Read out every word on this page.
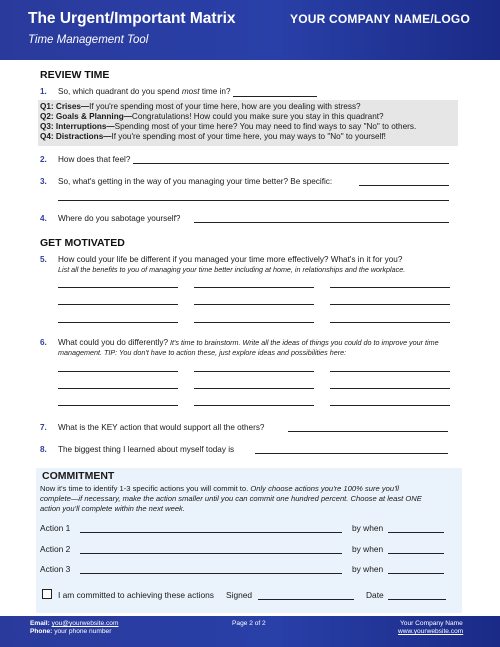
The Urgent/Important Matrix
Time Management Tool
YOUR COMPANY NAME/LOGO
REVIEW TIME
1. So, which quadrant do you spend most time in?
Q1: Crises—If you're spending most of your time here, how are you dealing with stress?
Q2: Goals & Planning—Congratulations! How could you make sure you stay in this quadrant?
Q3: Interruptions—Spending most of your time here? You may need to find ways to say "No" to others.
Q4: Distractions—If you're spending most of your time here, you may ways to "No" to yourself!
2. How does that feel?
3. So, what's getting in the way of you managing your time better? Be specific:
4. Where do you sabotage yourself?
GET MOTIVATED
5. How could your life be different if you managed your time more effectively? What's in it for you?
List all the benefits to you of managing your time better including at home, in relationships and the workplace.
6. What could you do differently? It's time to brainstorm. Write all the ideas of things you could do to improve your time
management. TIP: You don't have to action these, just explore ideas and possibilities here:
7. What is the KEY action that would support all the others?
8. The biggest thing I learned about myself today is
COMMITMENT
Now it's time to identify 1-3 specific actions you will commit to. Only choose actions you're 100% sure you'll
complete—if necessary, make the action smaller until you can commit one hundred percent. Choose at least ONE
action you'll complete within the next week.
Action 1	by when
Action 2	by when
Action 3	by when
I am committed to achieving these actions Signed	Date
Email: you@yourwebsite.com
Phone: your phone number
Page 2 of 2	Your Company Name
www.yourwebsite.com
